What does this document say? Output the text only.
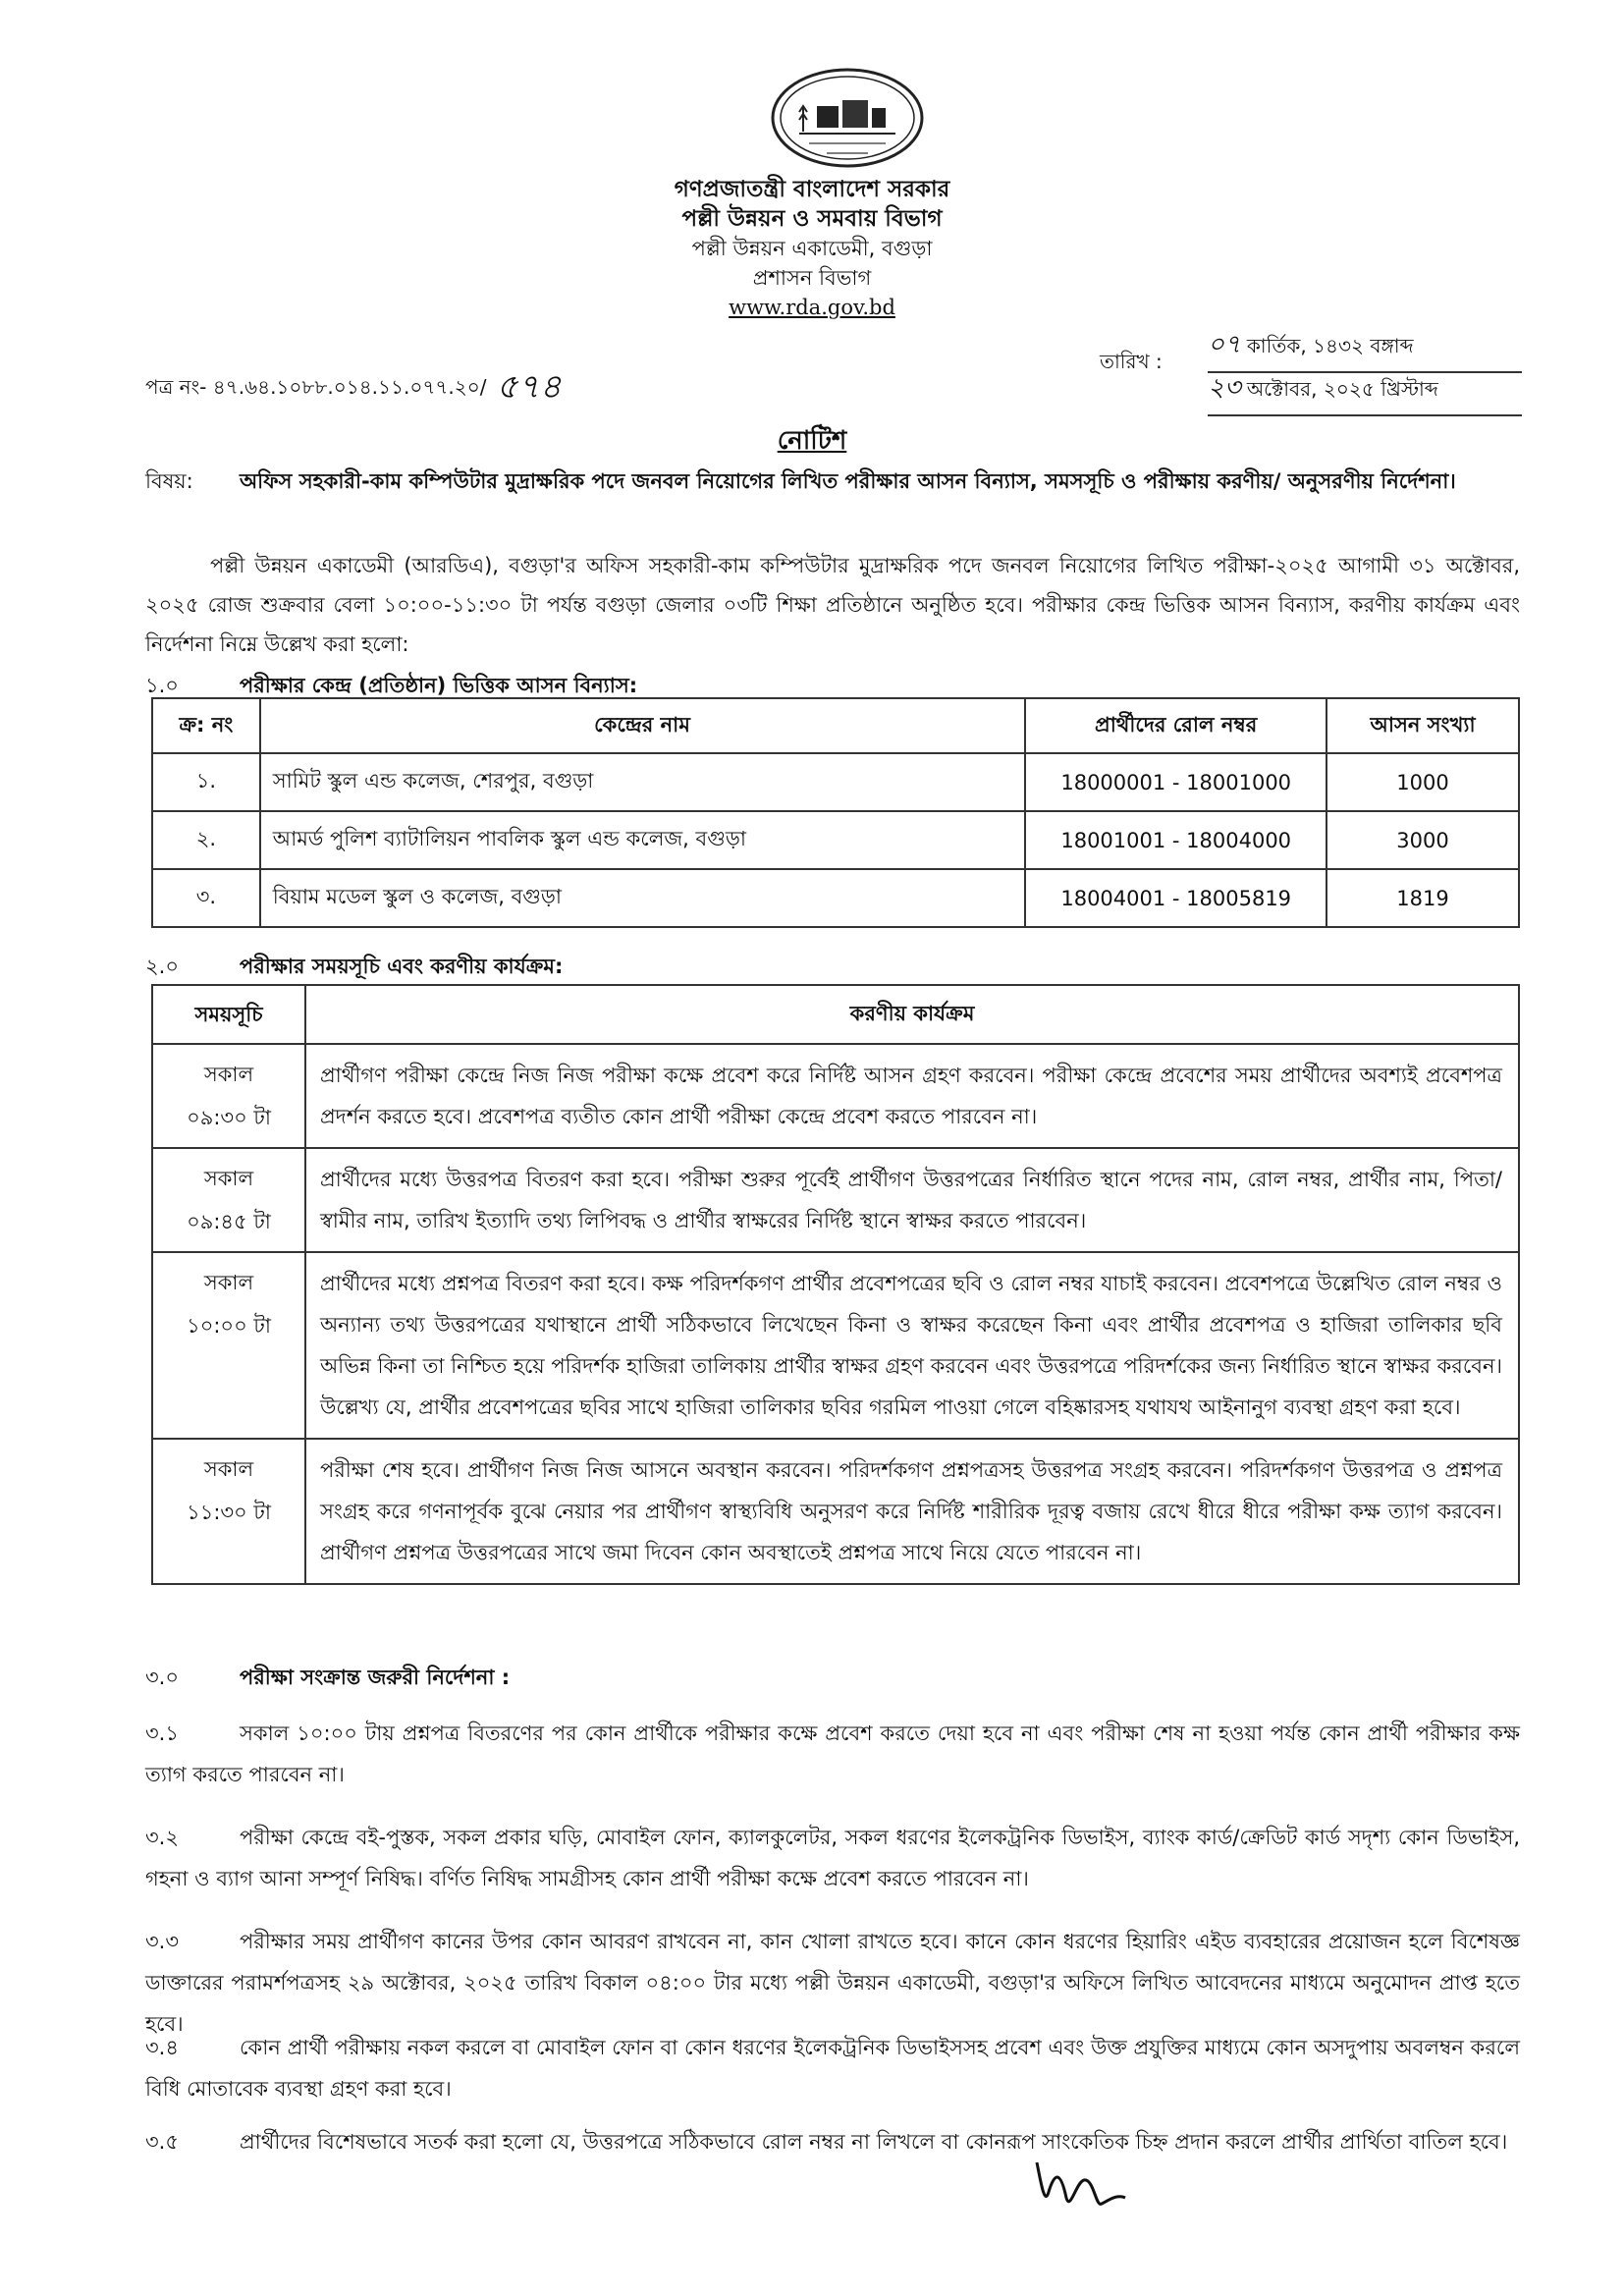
গণপ্রজাতন্ত্রী বাংলাদেশ সরকার
পল্লী উন্নয়ন ও সমবায় বিভাগ
পল্লী উন্নয়ন একাডেমী, বগুড়া
প্রশাসন বিভাগ
www.rda.gov.bd
পত্র নং- ৪৭.৬৪.১০৮৮.০১৪.১১.০৭৭.২০/ ৫৭৪
তারিখ :
০৭ কার্তিক, ১৪৩২ বঙ্গাব্দ
২৩ অক্টোবর, ২০২৫ খ্রিস্টাব্দ
নোটিশ
বিষয়: অফিস সহকারী-কাম কম্পিউটার মুদ্রাক্ষরিক পদে জনবল নিয়োগের লিখিত পরীক্ষার আসন বিন্যাস, সমসসূচি ও পরীক্ষায় করণীয়/ অনুসরণীয় নির্দেশনা।
পল্লী উন্নয়ন একাডেমী (আরডিএ), বগুড়া'র অফিস সহকারী-কাম কম্পিউটার মুদ্রাক্ষরিক পদে জনবল নিয়োগের লিখিত পরীক্ষা-২০২৫ আগামী ৩১ অক্টোবর, ২০২৫ রোজ শুক্রবার বেলা ১০:০০-১১:৩০ টা পর্যন্ত বগুড়া জেলার ০৩টি শিক্ষা প্রতিষ্ঠানে অনুষ্ঠিত হবে। পরীক্ষার কেন্দ্র ভিত্তিক আসন বিন্যাস, করণীয় কার্যক্রম এবং নির্দেশনা নিম্নে উল্লেখ করা হলো:
১.০	পরীক্ষার কেন্দ্র (প্রতিষ্ঠান) ভিত্তিক আসন বিন্যাস:
ক্র: নং	কেন্দ্রের নাম	প্রার্থীদের রোল নম্বর	আসন সংখ্যা
১.	সামিট স্কুল এন্ড কলেজ, শেরপুর, বগুড়া	18000001 - 18001000	1000
২.	আমর্ড পুলিশ ব্যাটালিয়ন পাবলিক স্কুল এন্ড কলেজ, বগুড়া	18001001 - 18004000	3000
৩.	বিয়াম মডেল স্কুল ও কলেজ, বগুড়া	18004001 - 18005819	1819
২.০	পরীক্ষার সময়সূচি এবং করণীয় কার্যক্রম:
সময়সূচি	করণীয় কার্যক্রম

সকাল
০৯:৩০ টা	প্রার্থীগণ পরীক্ষা কেন্দ্রে নিজ নিজ পরীক্ষা কক্ষে প্রবেশ করে নির্দিষ্ট আসন গ্রহণ করবেন। পরীক্ষা কেন্দ্রে প্রবেশের সময় প্রার্থীদের অবশ্যই প্রবেশপত্র প্রদর্শন করতে হবে। প্রবেশপত্র ব্যতীত কোন প্রার্থী পরীক্ষা কেন্দ্রে প্রবেশ করতে পারবেন না।

সকাল
০৯:৪৫ টা	প্রার্থীদের মধ্যে উত্তরপত্র বিতরণ করা হবে। পরীক্ষা শুরুর পূর্বেই প্রার্থীগণ উত্তরপত্রের নির্ধারিত স্থানে পদের নাম, রোল নম্বর, প্রার্থীর নাম, পিতা/স্বামীর নাম, তারিখ ইত্যাদি তথ্য লিপিবদ্ধ ও প্রার্থীর স্বাক্ষরের নির্দিষ্ট স্থানে স্বাক্ষর করতে পারবেন।

সকাল
১০:০০ টা	প্রার্থীদের মধ্যে প্রশ্নপত্র বিতরণ করা হবে। কক্ষ পরিদর্শকগণ প্রার্থীর প্রবেশপত্রের ছবি ও রোল নম্বর যাচাই করবেন। প্রবেশপত্রে উল্লেখিত রোল নম্বর ও অন্যান্য তথ্য উত্তরপত্রের যথাস্থানে প্রার্থী সঠিকভাবে লিখেছেন কিনা ও স্বাক্ষর করেছেন কিনা এবং প্রার্থীর প্রবেশপত্র ও হাজিরা তালিকার ছবি অভিন্ন কিনা তা নিশ্চিত হয়ে পরিদর্শক হাজিরা তালিকায় প্রার্থীর স্বাক্ষর গ্রহণ করবেন এবং উত্তরপত্রে পরিদর্শকের জন্য নির্ধারিত স্থানে স্বাক্ষর করবেন। উল্লেখ্য যে, প্রার্থীর প্রবেশপত্রের ছবির সাথে হাজিরা তালিকার ছবির গরমিল পাওয়া গেলে বহিষ্কারসহ যথাযথ আইনানুগ ব্যবস্থা গ্রহণ করা হবে।

সকাল
১১:৩০ টা	পরীক্ষা শেষ হবে। প্রার্থীগণ নিজ নিজ আসনে অবস্থান করবেন। পরিদর্শকগণ প্রশ্নপত্রসহ উত্তরপত্র সংগ্রহ করবেন। পরিদর্শকগণ উত্তরপত্র ও প্রশ্নপত্র সংগ্রহ করে গণনাপূর্বক বুঝে নেয়ার পর প্রার্থীগণ স্বাস্থ্যবিধি অনুসরণ করে নির্দিষ্ট শারীরিক দূরত্ব বজায় রেখে ধীরে ধীরে পরীক্ষা কক্ষ ত্যাগ করবেন। প্রার্থীগণ প্রশ্নপত্র উত্তরপত্রের সাথে জমা দিবেন কোন অবস্থাতেই প্রশ্নপত্র সাথে নিয়ে যেতে পারবেন না।
৩.০	পরীক্ষা সংক্রান্ত জরুরী নির্দেশনা :
৩.১	সকাল ১০:০০ টায় প্রশ্নপত্র বিতরণের পর কোন প্রার্থীকে পরীক্ষার কক্ষে প্রবেশ করতে দেয়া হবে না এবং পরীক্ষা শেষ না হওয়া পর্যন্ত কোন প্রার্থী পরীক্ষার কক্ষ ত্যাগ করতে পারবেন না।
৩.২	পরীক্ষা কেন্দ্রে বই-পুস্তক, সকল প্রকার ঘড়ি, মোবাইল ফোন, ক্যালকুলেটর, সকল ধরণের ইলেকট্রনিক ডিভাইস, ব্যাংক কার্ড/ক্রেডিট কার্ড সদৃশ্য কোন ডিভাইস, গহনা ও ব্যাগ আনা সম্পূর্ণ নিষিদ্ধ। বর্ণিত নিষিদ্ধ সামগ্রীসহ কোন প্রার্থী পরীক্ষা কক্ষে প্রবেশ করতে পারবেন না।
৩.৩	পরীক্ষার সময় প্রার্থীগণ কানের উপর কোন আবরণ রাখবেন না, কান খোলা রাখতে হবে। কানে কোন ধরণের হিয়ারিং এইড ব্যবহারের প্রয়োজন হলে বিশেষজ্ঞ ডাক্তারের পরামর্শপত্রসহ ২৯ অক্টোবর, ২০২৫ তারিখ বিকাল ০৪:০০ টার মধ্যে পল্লী উন্নয়ন একাডেমী, বগুড়া'র অফিসে লিখিত আবেদনের মাধ্যমে অনুমোদন প্রাপ্ত হতে হবে।
৩.৪	কোন প্রার্থী পরীক্ষায় নকল করলে বা মোবাইল ফোন বা কোন ধরণের ইলেকট্রনিক ডিভাইসসহ প্রবেশ এবং উক্ত প্রযুক্তির মাধ্যমে কোন অসদুপায় অবলম্বন করলে বিধি মোতাবেক ব্যবস্থা গ্রহণ করা হবে।
৩.৫	প্রার্থীদের বিশেষভাবে সতর্ক করা হলো যে, উত্তরপত্রে সঠিকভাবে রোল নম্বর না লিখলে বা কোনরূপ সাংকেতিক চিহ্ন প্রদান করলে প্রার্থীর প্রার্থিতা বাতিল হবে।
